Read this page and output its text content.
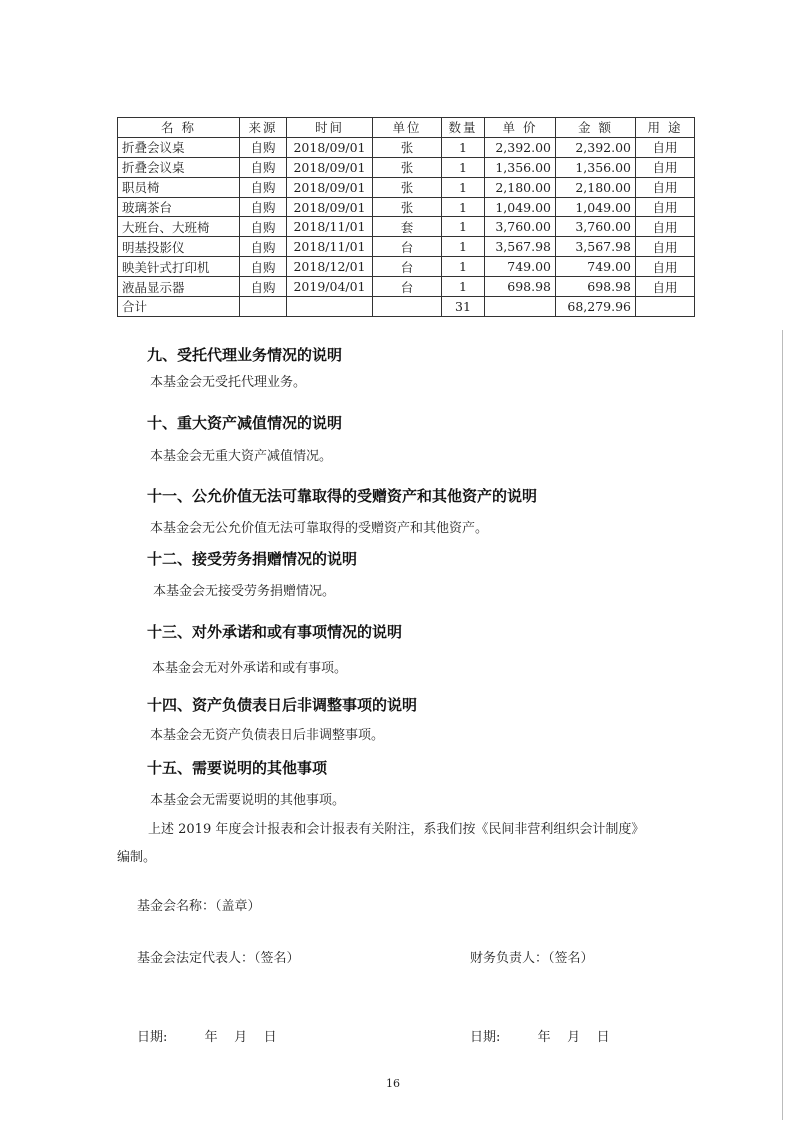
名 称	来源	时间	单位	数量	单 价	金 额	用 途
折叠会议桌	自购	2018/09/01	张	1	2,392.00	2,392.00	自用
折叠会议桌	自购	2018/09/01	张	1	1,356.00	1,356.00	自用
职员椅	自购	2018/09/01	张	1	2,180.00	2,180.00	自用
玻璃茶台	自购	2018/09/01	张	1	1,049.00	1,049.00	自用
大班台、大班椅	自购	2018/11/01	套	1	3,760.00	3,760.00	自用
明基投影仪	自购	2018/11/01	台	1	3,567.98	3,567.98	自用
映美针式打印机	自购	2018/12/01	台	1	749.00	749.00	自用
液晶显示器	自购	2019/04/01	台	1	698.98	698.98	自用
合计				31		68,279.96	
九、受托代理业务情况的说明
本基金会无受托代理业务。
十、重大资产减值情况的说明
本基金会无重大资产减值情况。
十一、公允价值无法可靠取得的受赠资产和其他资产的说明
本基金会无公允价值无法可靠取得的受赠资产和其他资产。
十二、接受劳务捐赠情况的说明
本基金会无接受劳务捐赠情况。
十三、对外承诺和或有事项情况的说明
本基金会无对外承诺和或有事项。
十四、资产负债表日后非调整事项的说明
本基金会无资产负债表日后非调整事项。
十五、需要说明的其他事项
本基金会无需要说明的其他事项。
上述 2019 年度会计报表和会计报表有关附注，系我们按《民间非营利组织会计制度》
编制。
基金会名称：（盖章）
基金会法定代表人：（签名）	财务负责人：（签名）
日期:         年    月    日	日期:         年    月    日
16
